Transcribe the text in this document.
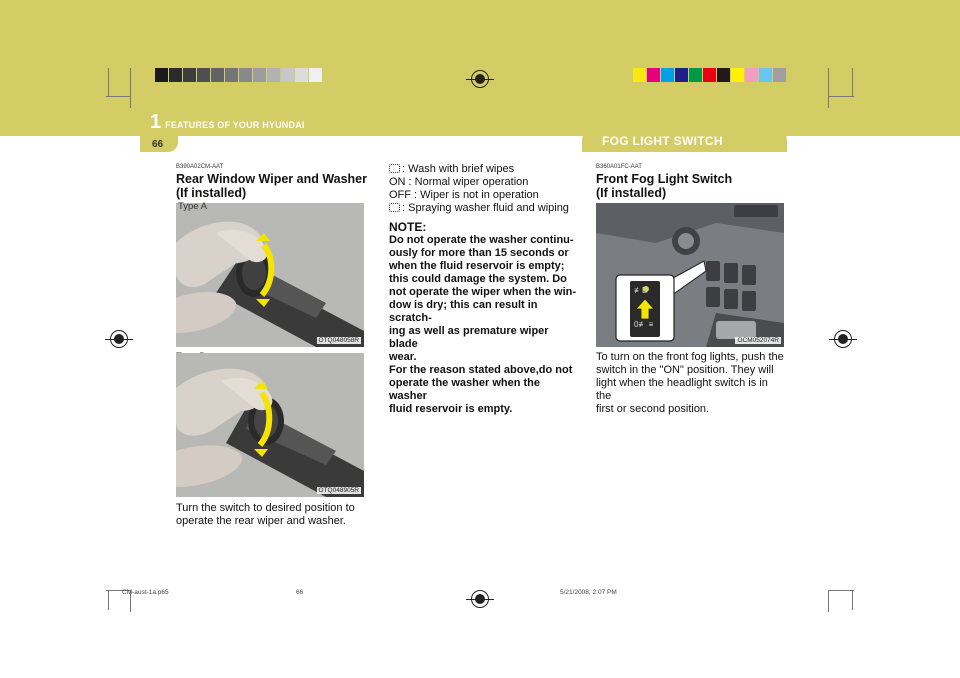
1 FEATURES OF YOUR HYUNDAI
66	FOG LIGHT SWITCH
B390A02CM-AAT
Rear Window Wiper and Washer
(If installed)
OTQ048058R
Type A
OTQ048905R
Turn the switch to desired position to
operate the rear wiper and washer.
: Wash with brief wipes
ON : Normal wiper operation
OFF : Wiper is not in operation
: Spraying washer fluid and wiping
NOTE:
Do not operate the washer continu-
ously for more than 15 seconds or
when the fluid reservoir is empty;
this could damage the system. Do
not operate the wiper when the win-
dow is dry; this can result in scratch-
ing as well as premature wiper blade
wear.
For the reason stated above,do not
operate the washer when the washer
fluid reservoir is empty.
B360A01FC-AAT
Front Fog Light Switch
(If installed)
≢D
0≢ ≡
OCM052074R
To turn on the front fog lights, push the
switch in the "ON" position. They will
light when the headlight switch is in the
first or second position.
CM-aust-1a.p65	66	5/21/2008, 2:07 PM
